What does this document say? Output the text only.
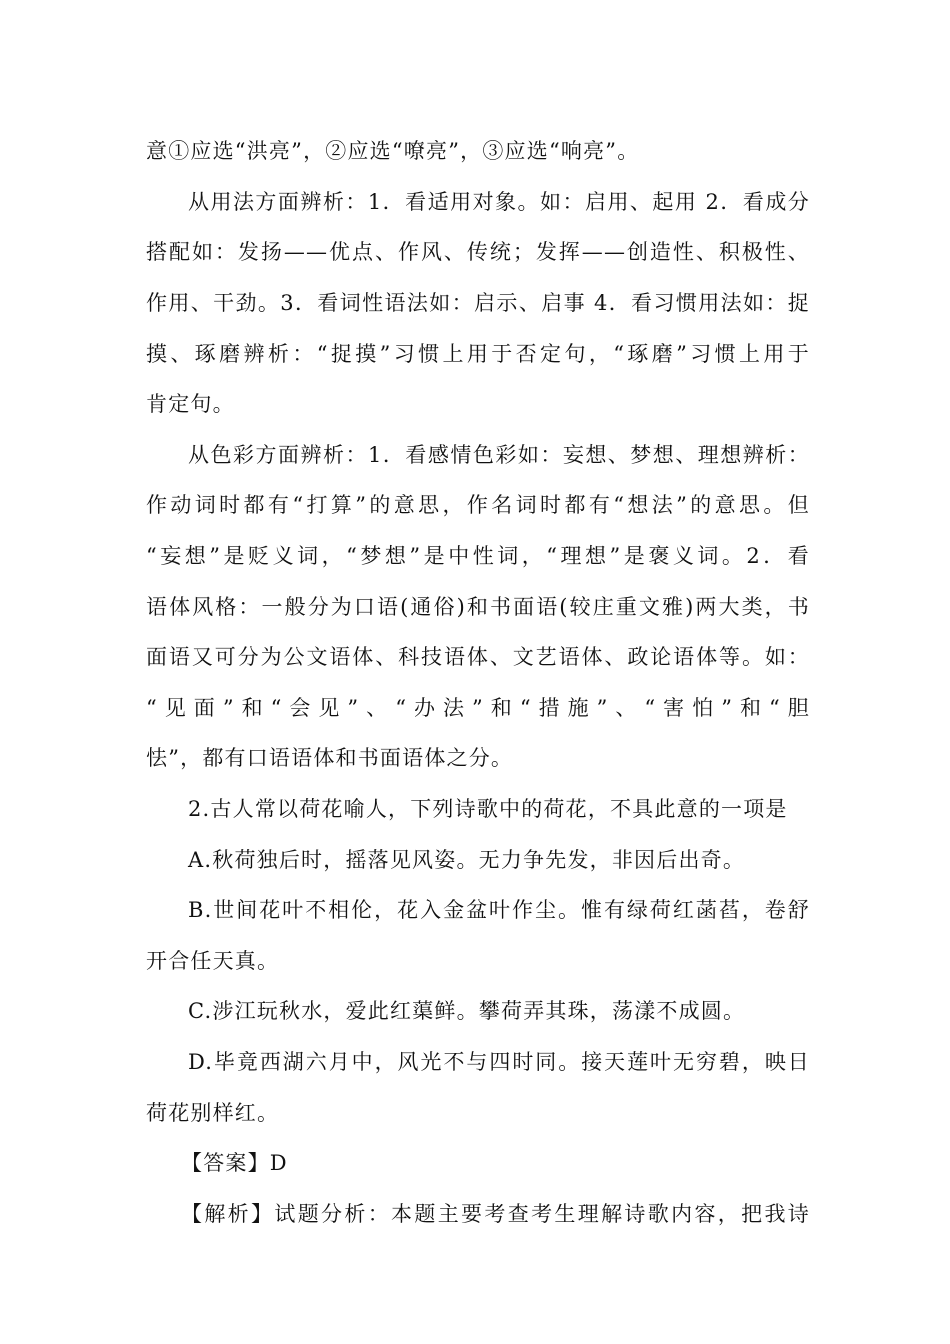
意①应选“洪亮”，②应选“嘹亮”，③应选“响亮”。
从用法方面辨析：1．看适用对象。如：启用、起用 2．看成分
搭配如：发扬——优点、作风、传统；发挥——创造性、积极性、
作用、干劲。3．看词性语法如：启示、启事 4．看习惯用法如：捉
摸、琢磨辨析：“捉摸”习惯上用于否定句，“琢磨”习惯上用于
肯定句。
从色彩方面辨析：1．看感情色彩如：妄想、梦想、理想辨析：
作动词时都有“打算”的意思，作名词时都有“想法”的意思。但
“妄想”是贬义词，“梦想”是中性词，“理想”是褒义词。2．看
语体风格：一般分为口语(通俗)和书面语(较庄重文雅)两大类，书
面语又可分为公文语体、科技语体、文艺语体、政论语体等。如：
“见面”和“会见”、“办法”和“措施”、“害怕”和“胆
怯”，都有口语语体和书面语体之分。
2.古人常以荷花喻人，下列诗歌中的荷花，不具此意的一项是
A.秋荷独后时，摇落见风姿。无力争先发，非因后出奇。
B.世间花叶不相伦，花入金盆叶作尘。惟有绿荷红菡萏，卷舒
开合任天真。
C.涉江玩秋水，爱此红蕖鲜。攀荷弄其珠，荡漾不成圆。
D.毕竟西湖六月中，风光不与四时同。接天莲叶无穷碧，映日
荷花别样红。
【答案】D
【解析】试题分析：本题主要考查考生理解诗歌内容，把我诗
